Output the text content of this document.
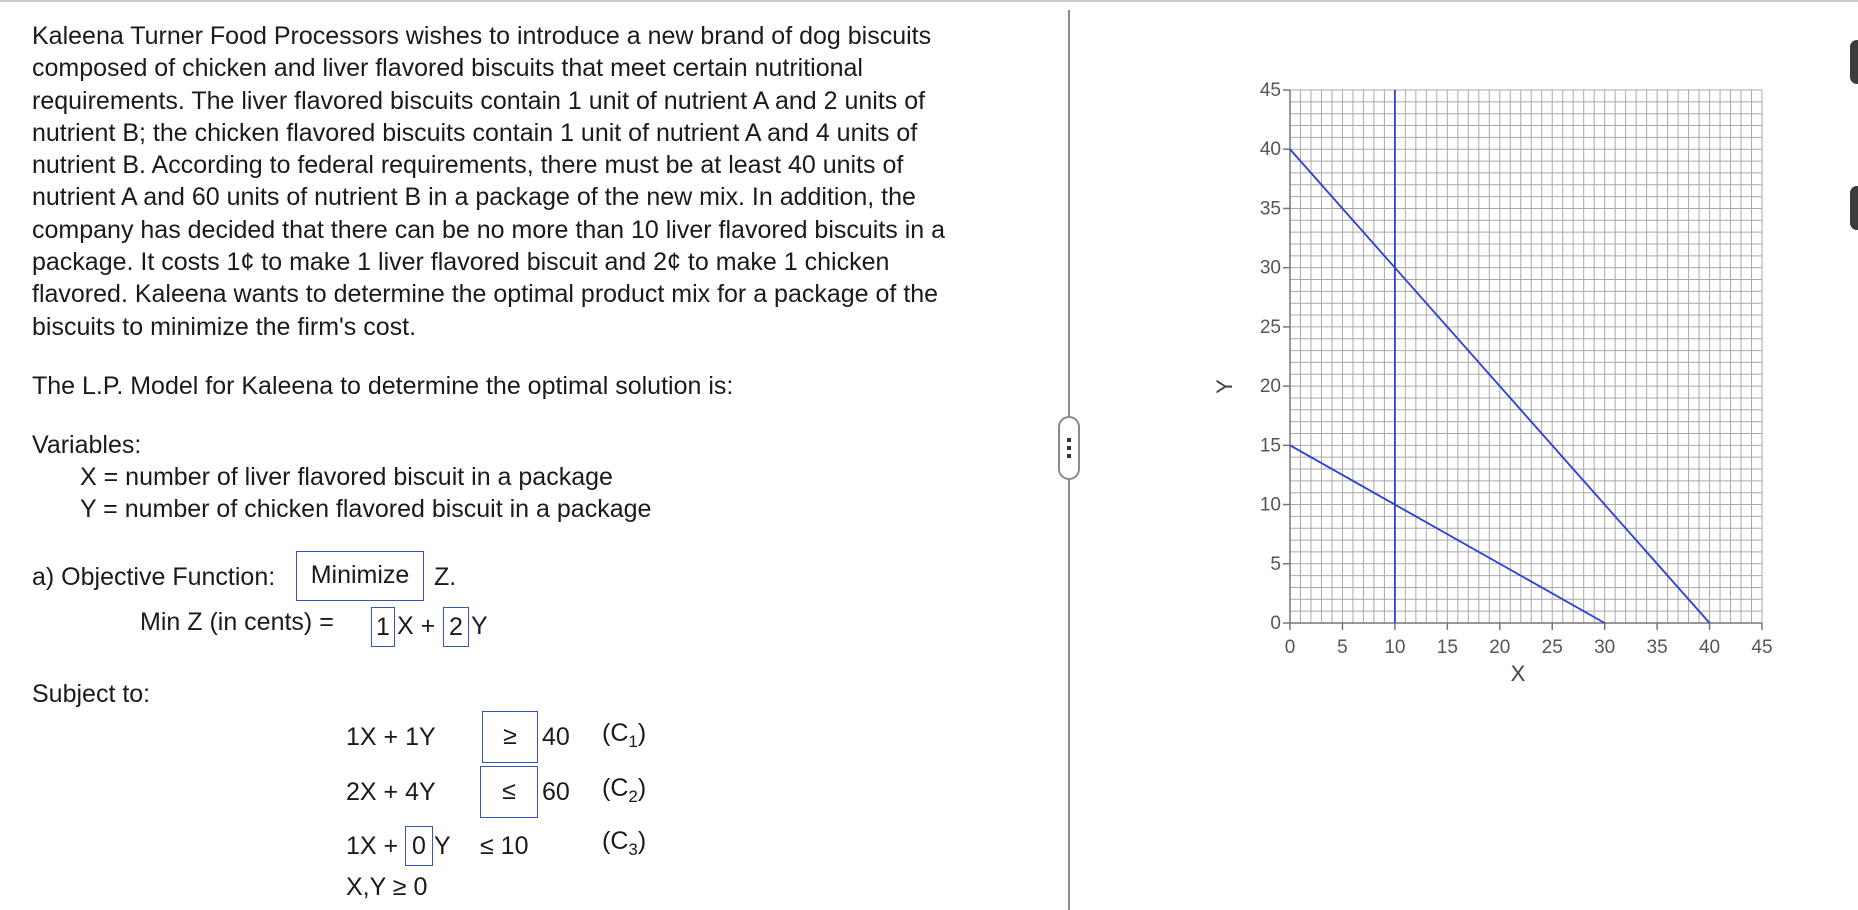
Kaleena Turner Food Processors wishes to introduce a new brand of dog biscuits
composed of chicken and liver flavored biscuits that meet certain nutritional
requirements. The liver flavored biscuits contain 1 unit of nutrient A and 2 units of
nutrient B; the chicken flavored biscuits contain 1 unit of nutrient A and 4 units of
nutrient B. According to federal requirements, there must be at least 40 units of
nutrient A and 60 units of nutrient B in a package of the new mix. In addition, the
company has decided that there can be no more than 10 liver flavored biscuits in a
package. It costs 1¢ to make 1 liver flavored biscuit and 2¢ to make 1 chicken
flavored. Kaleena wants to determine the optimal product mix for a package of the
biscuits to minimize the firm's cost.
The L.P. Model for Kaleena to determine the optimal solution is:
Variables:
X = number of liver flavored biscuit in a package
Y = number of chicken flavored biscuit in a package
a) Objective Function:	Minimize Z.
Min Z (in cents) = 1 X + 2 Y
Subject to:
1X + 1Y	≥	40 $(C_1)$
2X + 4Y	≤	60 $(C_2)$
1X + 0 Y ≤ 10	$(C_3)$
X,Y ≥ 0
0 5 10 15 20 25 30 35 40 45
0
5
10
15
20
25
30
35
40
45
X
Y
